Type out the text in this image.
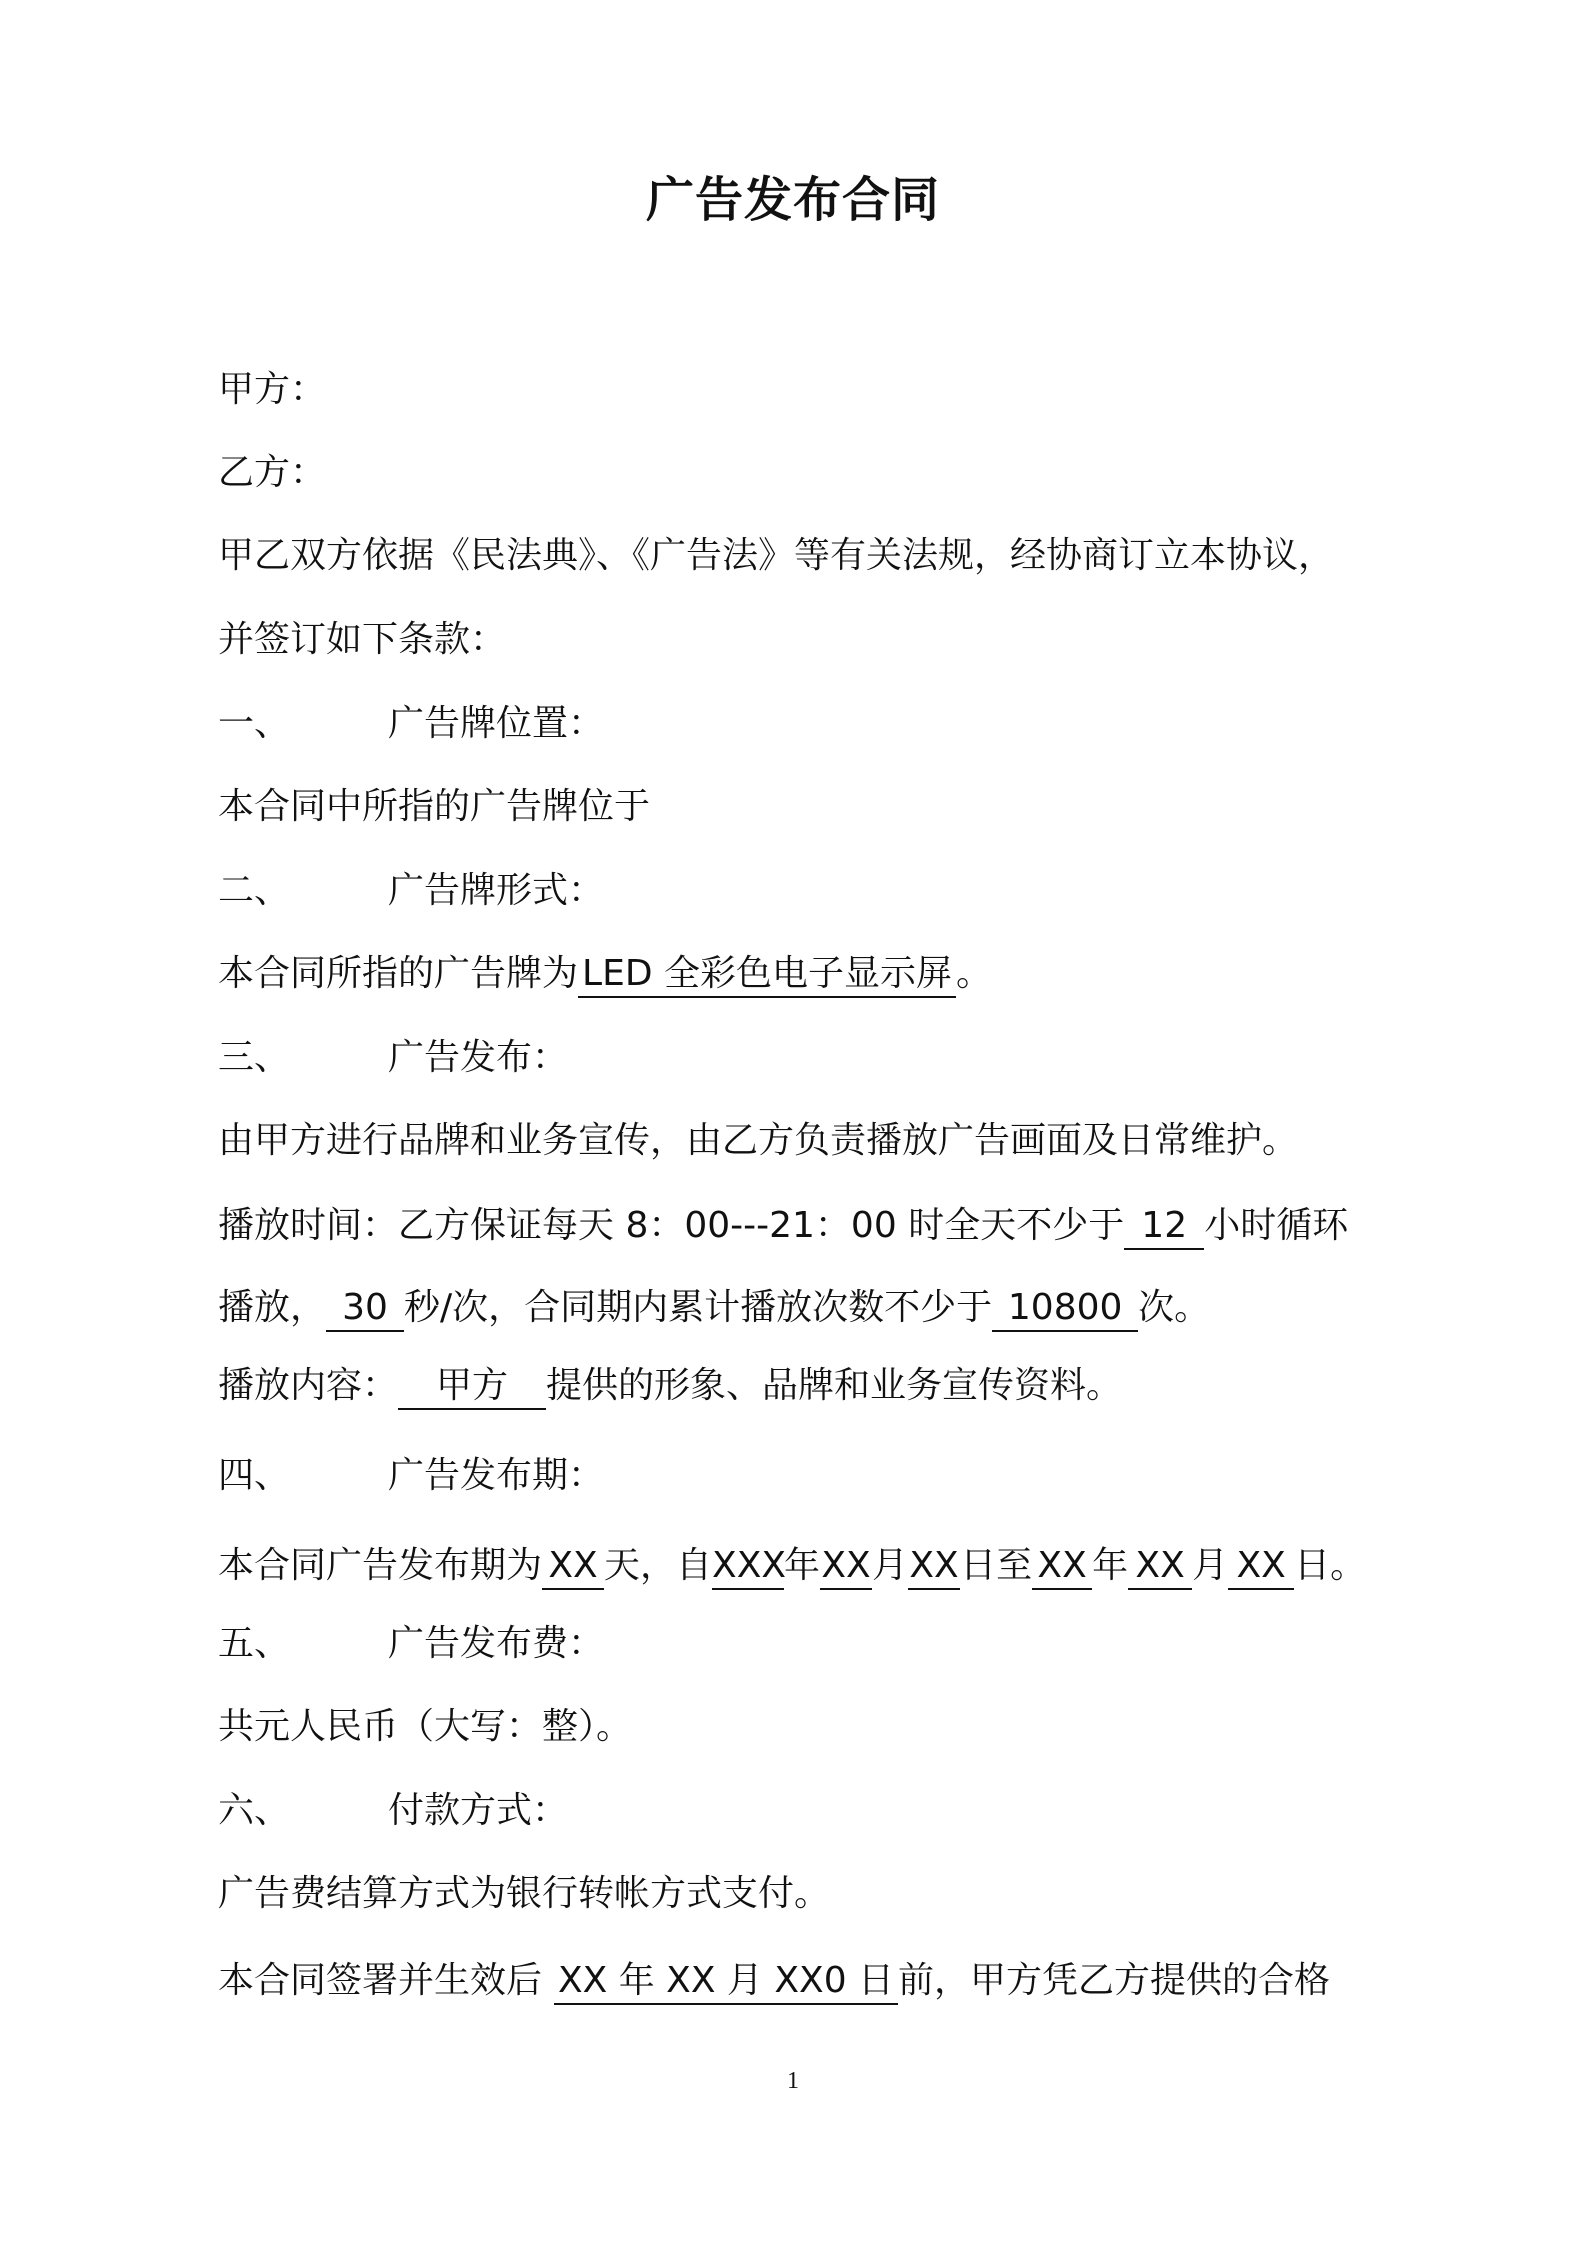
广告发布合同
甲方：
乙方：
甲乙双方依据《民法典》、《广告法》等有关法规，经协商订立本协议，
并签订如下条款：
一、	广告牌位置：
本合同中所指的广告牌位于
二、	广告牌形式：
本合同所指的广告牌为 LED 全彩色电子显示屏 。
三、	广告发布：
由甲方进行品牌和业务宣传，由乙方负责播放广告画面及日常维护。
播放时间：乙方保证每天 8：00---21：00 时全天不少于 12 小时循环
播放， 30 秒/次，合同期内累计播放次数不少于 10800 次。
播放内容： 甲方 提供的形象、品牌和业务宣传资料。
四、	广告发布期：
本合同广告发布期为 XX 天，自XXX年XX月XX日至 XX 年 XX 月 XX 日。
五、	广告发布费：
共元人民币（大写：整）。
六、	付款方式：
广告费结算方式为银行转帐方式支付。
本合同签署并生效后 XX 年 XX 月 XX0 日 前，甲方凭乙方提供的合格
1
